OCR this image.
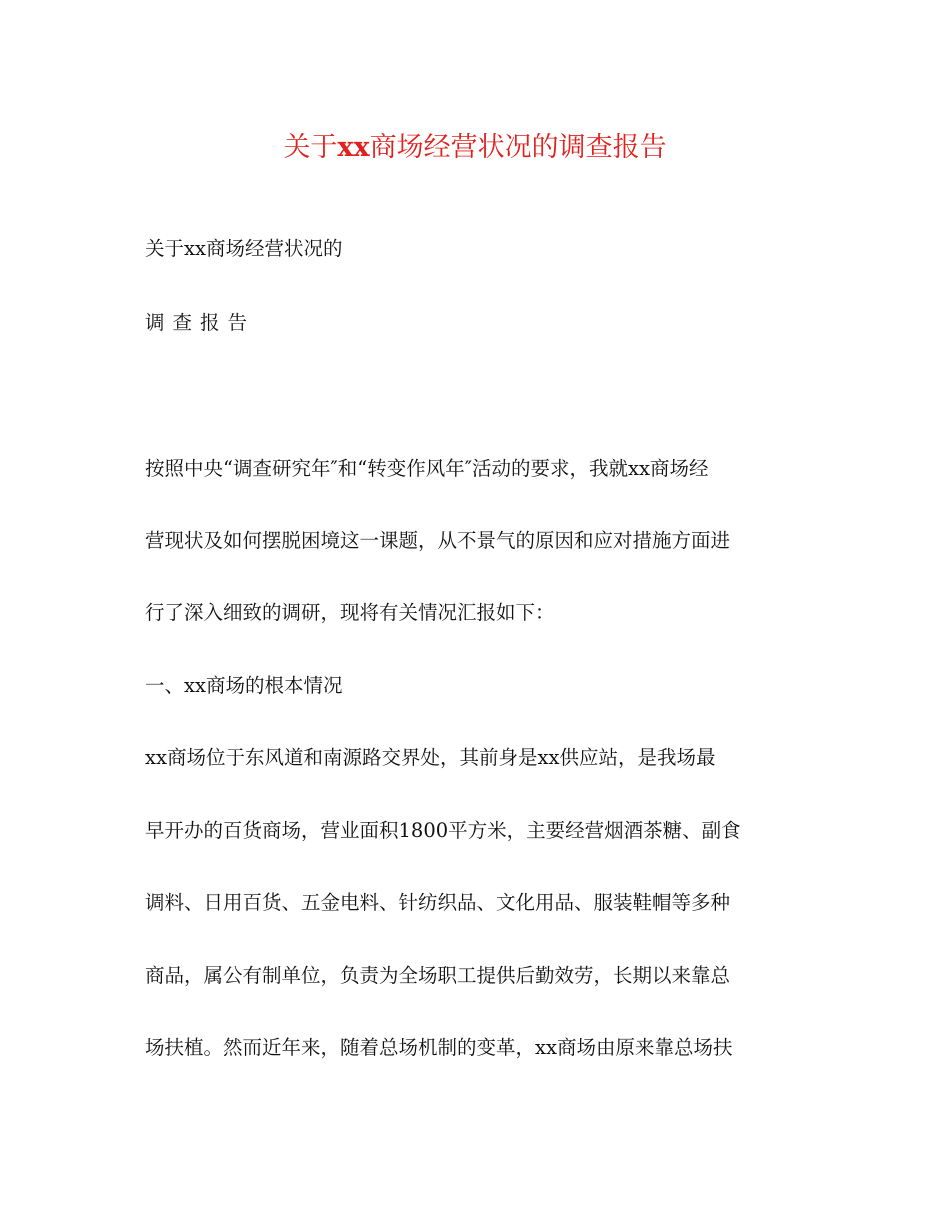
关于xx商场经营状况的调查报告
关于xx商场经营状况的
调查报告
按照中央“调查研究年″和“转变作风年″活动的要求，我就xx商场经
营现状及如何摆脱困境这一课题，从不景气的原因和应对措施方面进
行了深入细致的调研，现将有关情况汇报如下：
一、xx商场的根本情况
xx商场位于东风道和南源路交界处，其前身是xx供应站，是我场最
早开办的百货商场，营业面积1800平方米，主要经营烟酒茶糖、副食
调料、日用百货、五金电料、针纺织品、文化用品、服装鞋帽等多种
商品，属公有制单位，负责为全场职工提供后勤效劳，长期以来靠总
场扶植。然而近年来，随着总场机制的变革，xx商场由原来靠总场扶
